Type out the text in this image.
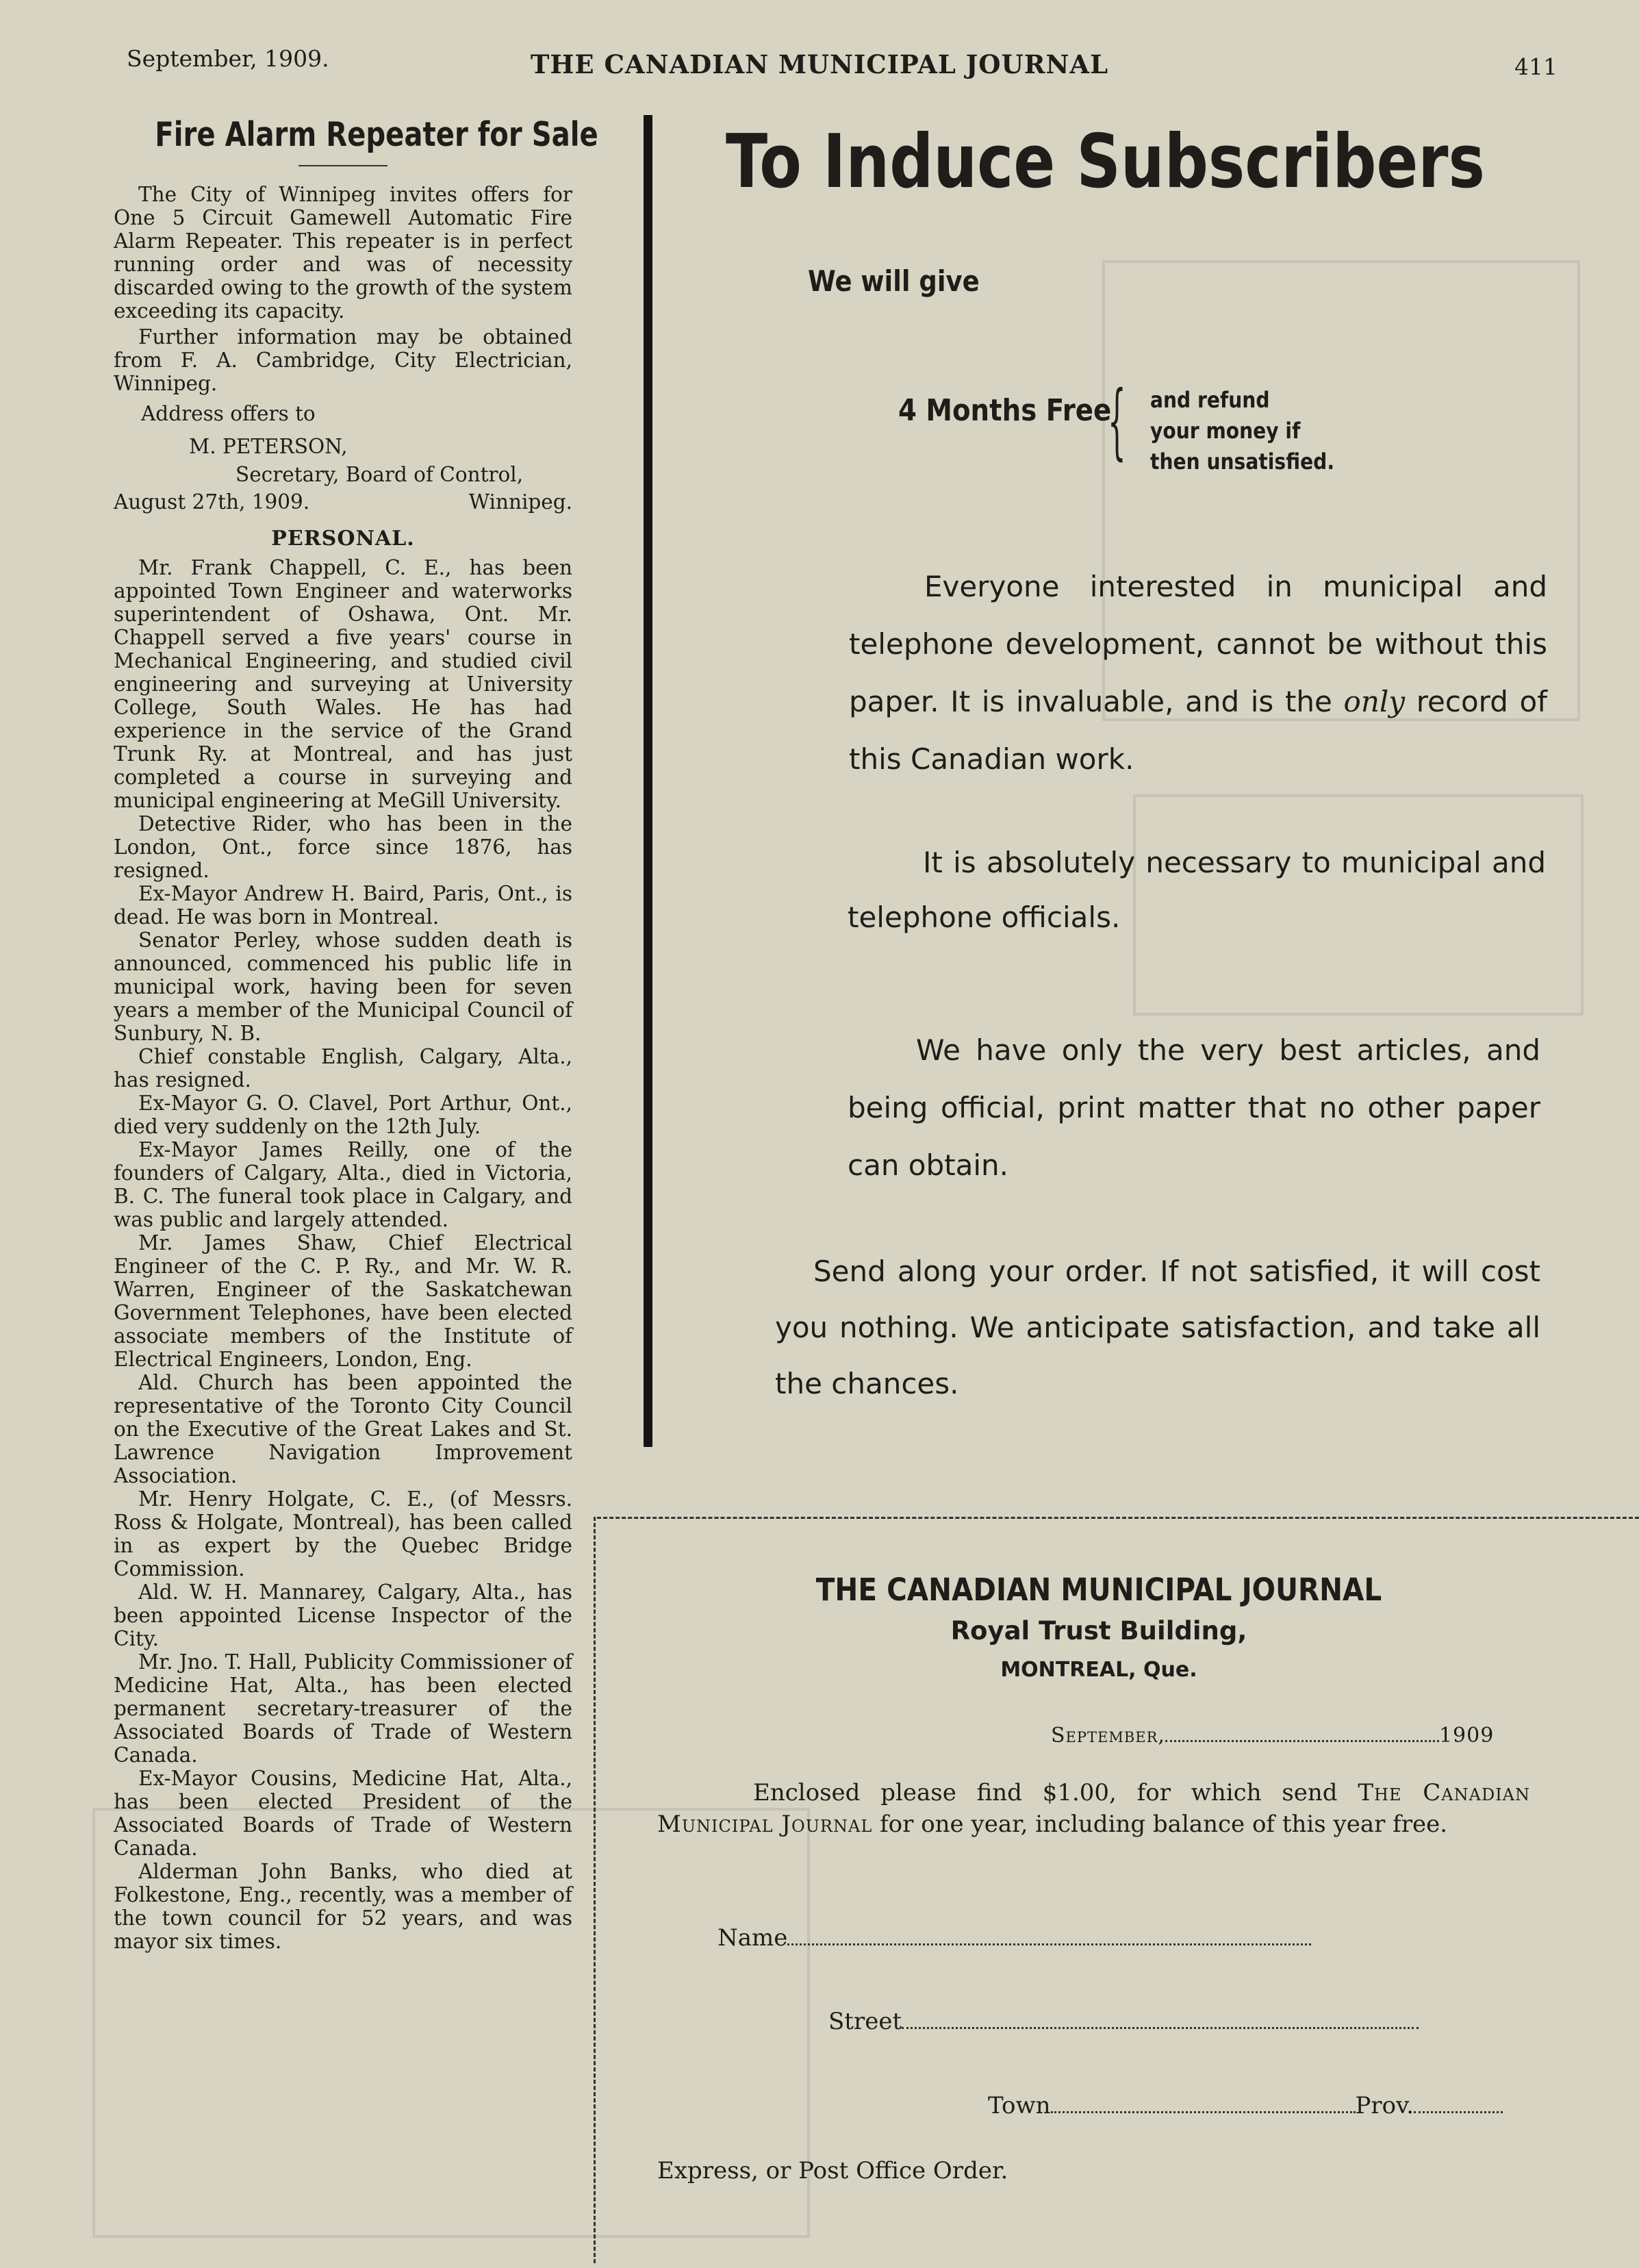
September, 1909.	THE CANADIAN MUNICIPAL JOURNAL	411
Fire Alarm Repeater for Sale

The City of Winnipeg invites offers for One 5 Circuit Gamewell Automatic Fire Alarm Repeater. This repeater is in perfect running order and was of necessity discarded owing to the growth of the system exceeding its capacity.

Further information may be obtained from F. A. Cambridge, City Electrician, Winnipeg.

Address offers to

M. PETERSON,

Secretary, Board of Control,

August 27th, 1909.	Winnipeg.

PERSONAL.

Mr. Frank Chappell, C. E., has been appointed Town Engineer and waterworks superintendent of Oshawa, Ont. Mr. Chappell served a five years' course in Mechanical Engineering, and studied civil engineering and surveying at University College, South Wales. He has had experience in the service of the Grand Trunk Ry. at Montreal, and has just completed a course in surveying and municipal engineering at MeGill University.

Detective Rider, who has been in the London, Ont., force since 1876, has resigned.

Ex-Mayor Andrew H. Baird, Paris, Ont., is dead. He was born in Montreal.

Senator Perley, whose sudden death is announced, commenced his public life in municipal work, having been for seven years a member of the Municipal Council of Sunbury, N. B.

Chief constable English, Calgary, Alta., has resigned.

Ex-Mayor G. O. Clavel, Port Arthur, Ont., died very suddenly on the 12th July.

Ex-Mayor James Reilly, one of the founders of Calgary, Alta., died in Victoria, B. C. The funeral took place in Calgary, and was public and largely attended.

Mr. James Shaw, Chief Electrical Engineer of the C. P. Ry., and Mr. W. R. Warren, Engineer of the Saskatchewan Government Telephones, have been elected associate members of the Institute of Electrical Engineers, London, Eng.

Ald. Church has been appointed the representative of the Toronto City Council on the Executive of the Great Lakes and St. Lawrence Navigation Improvement Association.

Mr. Henry Holgate, C. E., (of Messrs. Ross & Holgate, Montreal), has been called in as expert by the Quebec Bridge Commission.

Ald. W. H. Mannarey, Calgary, Alta., has been appointed License Inspector of the City.

Mr. Jno. T. Hall, Publicity Commissioner of Medicine Hat, Alta., has been elected permanent secretary-treasurer of the Associated Boards of Trade of Western Canada.

Ex-Mayor Cousins, Medicine Hat, Alta., has been elected President of the Associated Boards of Trade of Western Canada.

Alderman John Banks, who died at Folkestone, Eng., recently, was a member of the town council for 52 years, and was mayor six times.

To Induce Subscribers
We will give
4 Months Free
{ and refund
your money if
then unsatisfied.

Everyone interested in municipal and telephone development, cannot be without this paper. It is invaluable, and is the only record of this Canadian work.

It is absolutely necessary to municipal and telephone officials.

We have only the very best articles, and being official, print matter that no other paper can obtain.

Send along your order. If not satisfied, it will cost you nothing. We anticipate satisfaction, and take all the chances.

THE CANADIAN MUNICIPAL JOURNAL
Royal Trust Building,
MONTREAL, Que.
September,	1909

Enclosed please find $1.00, for which send The Canadian Municipal Journal for one year, including balance of this year free.

Name
Street
Town	Prov.
Express, or Post Office Order.
